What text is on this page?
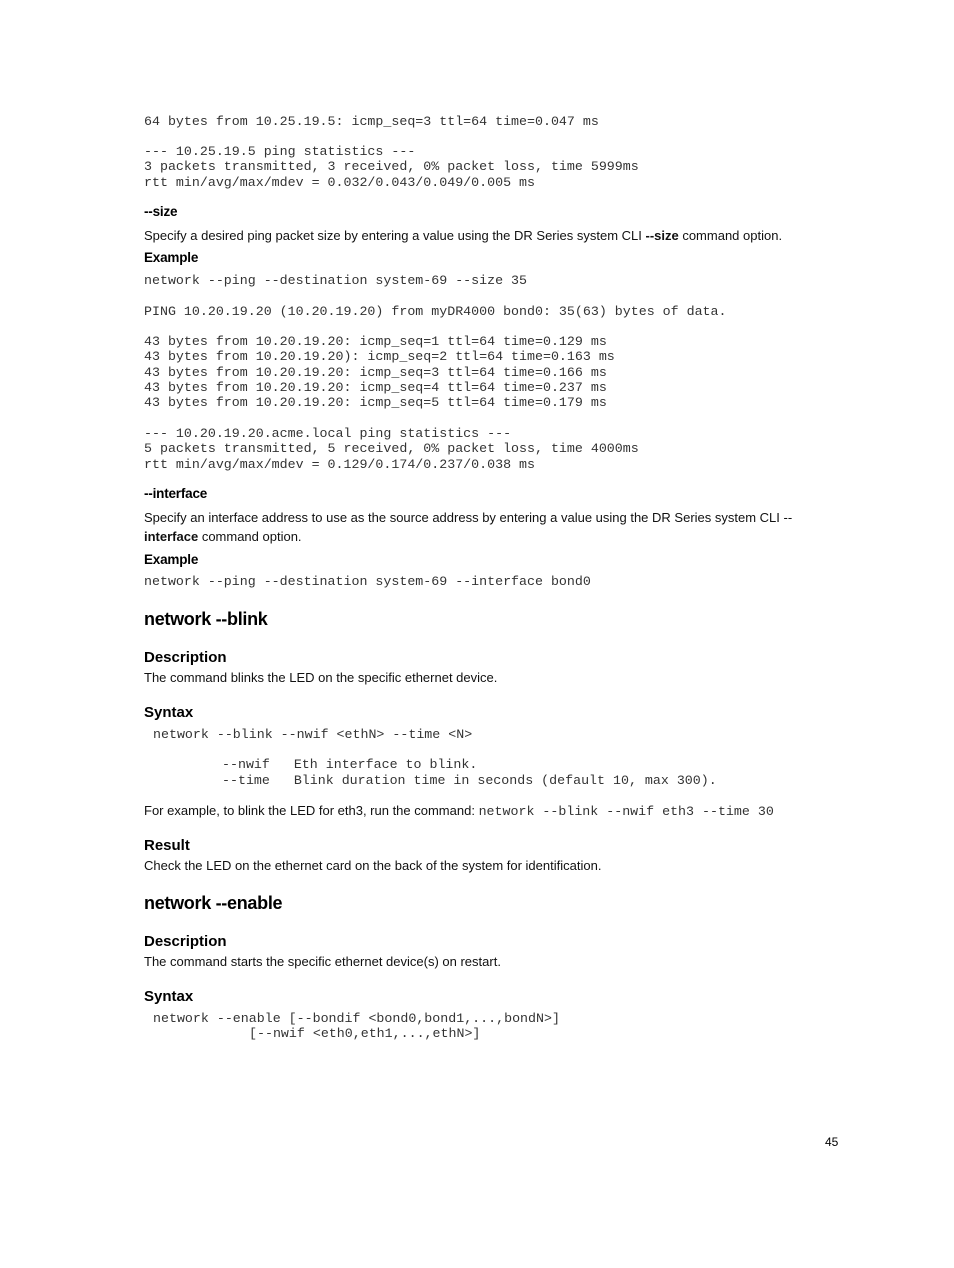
64 bytes from 10.25.19.5: icmp_seq=3 ttl=64 time=0.047 ms
--- 10.25.19.5 ping statistics ---
3 packets transmitted, 3 received, 0% packet loss, time 5999ms
rtt min/avg/max/mdev = 0.032/0.043/0.049/0.005 ms
--size
Specify a desired ping packet size by entering a value using the DR Series system CLI --size command option.
Example
network --ping --destination system-69 --size 35
PING 10.20.19.20 (10.20.19.20) from myDR4000 bond0: 35(63) bytes of data.
43 bytes from 10.20.19.20: icmp_seq=1 ttl=64 time=0.129 ms
43 bytes from 10.20.19.20): icmp_seq=2 ttl=64 time=0.163 ms
43 bytes from 10.20.19.20: icmp_seq=3 ttl=64 time=0.166 ms
43 bytes from 10.20.19.20: icmp_seq=4 ttl=64 time=0.237 ms
43 bytes from 10.20.19.20: icmp_seq=5 ttl=64 time=0.179 ms
--- 10.20.19.20.acme.local ping statistics ---
5 packets transmitted, 5 received, 0% packet loss, time 4000ms
rtt min/avg/max/mdev = 0.129/0.174/0.237/0.038 ms
--interface
Specify an interface address to use as the source address by entering a value using the DR Series system CLI --
interface command option.
Example
network --ping --destination system-69 --interface bond0
network --blink
Description
The command blinks the LED on the specific ethernet device.
Syntax
network --blink --nwif <ethN> --time <N>
--nwif   Eth interface to blink.
--time   Blink duration time in seconds (default 10, max 300).
For example, to blink the LED for eth3, run the command: network --blink --nwif eth3 --time 30
Result
Check the LED on the ethernet card on the back of the system for identification.
network --enable
Description
The command starts the specific ethernet device(s) on restart.
Syntax
network --enable [--bondif <bond0,bond1,...,bondN>]
[--nwif <eth0,eth1,...,ethN>]
45
